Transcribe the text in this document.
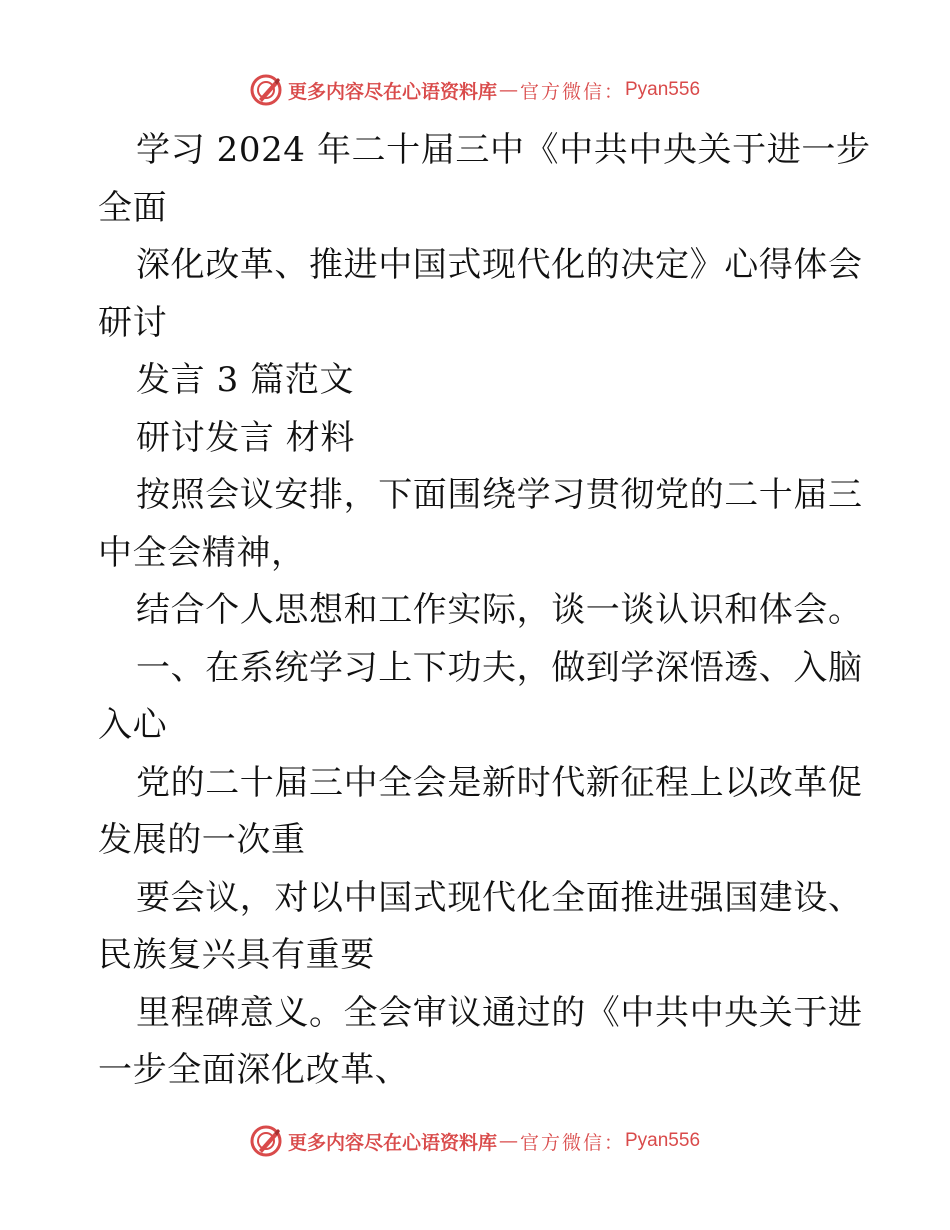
更多内容尽在心语资料库 — 官方微信： Pyan556
学习 2024 年二十届三中《中共中央关于进一步
全面
深化改革、推进中国式现代化的决定》心得体会
研讨
发言 3 篇范文
研讨发言 材料
按照会议安排，下面围绕学习贯彻党的二十届三
中全会精神，
结合个人思想和工作实际，谈一谈认识和体会。
一、在系统学习上下功夫，做到学深悟透、入脑
入心
党的二十届三中全会是新时代新征程上以改革促
发展的一次重
要会议，对以中国式现代化全面推进强国建设、
民族复兴具有重要
里程碑意义。全会审议通过的《中共中央关于进
一步全面深化改革、
更多内容尽在心语资料库 — 官方微信： Pyan556
